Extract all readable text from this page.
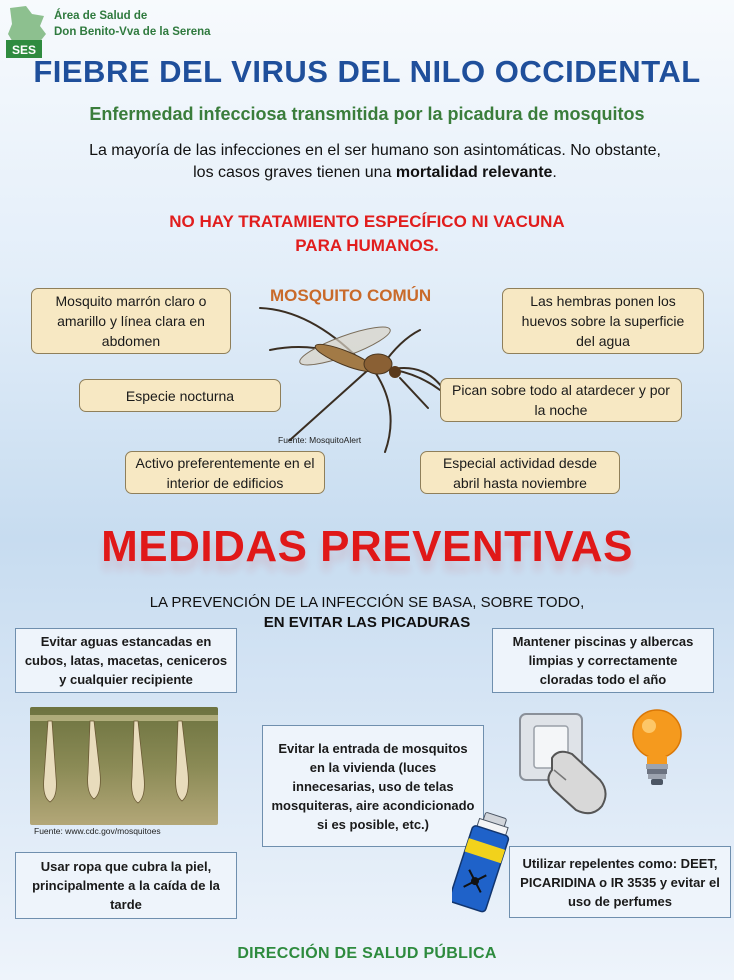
SES
Área de Salud de
Don Benito-Vva de la Serena
FIEBRE DEL VIRUS DEL NILO OCCIDENTAL
Enfermedad infecciosa transmitida por la picadura de mosquitos
La mayoría de las infecciones en el ser humano son asintomáticas. No obstante, los casos graves tienen una mortalidad relevante.
NO HAY TRATAMIENTO ESPECÍFICO NI VACUNA
PARA HUMANOS.
MOSQUITO COMÚN
Fuente: MosquitoAlert
Mosquito marrón claro o amarillo y línea clara en abdomen
Las hembras ponen los huevos sobre la superficie del agua
Especie nocturna	Pican sobre todo al atardecer y por la noche
Activo preferentemente en el interior de edificios
Especial actividad desde abril hasta noviembre
MEDIDAS PREVENTIVAS
LA PREVENCIÓN DE LA INFECCIÓN SE BASA, SOBRE TODO,
EN EVITAR LAS PICADURAS
Evitar aguas estancadas en cubos, latas, macetas, ceniceros y cualquier recipiente
Mantener piscinas y albercas limpias y correctamente cloradas todo el año
Evitar la entrada de mosquitos en la vivienda (luces innecesarias, uso de telas mosquiteras, aire acondicionado si es posible, etc.)
Usar ropa que cubra la piel, principalmente a la caída de la tarde
Utilizar repelentes como: DEET, PICARIDINA o IR 3535 y evitar el uso de perfumes
Fuente: www.cdc.gov/mosquitoes
DIRECCIÓN DE SALUD PÚBLICA
